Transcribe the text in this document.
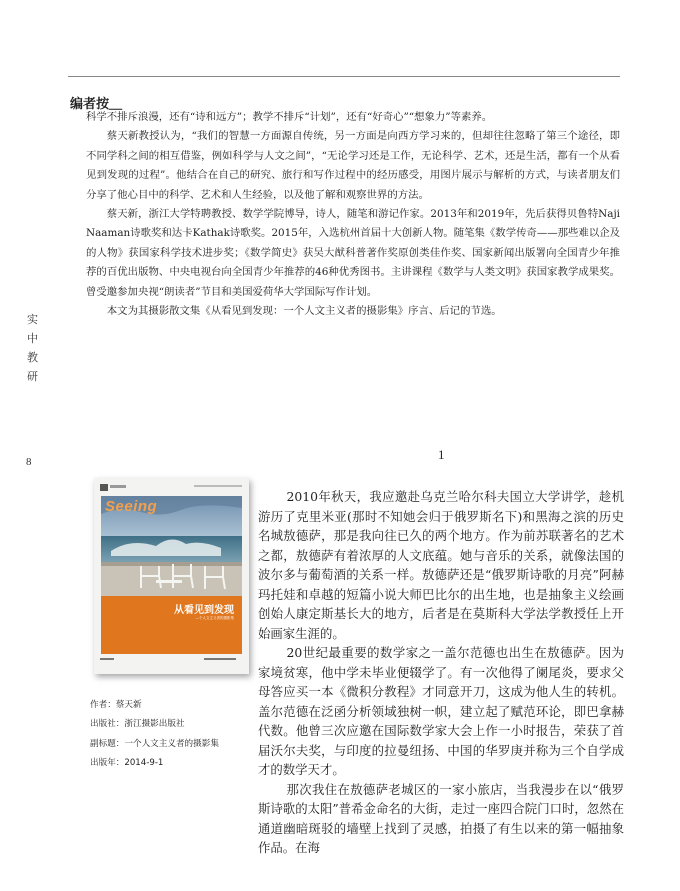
编者按＿

科学不排斥浪漫，还有“诗和远方”；教学不排斥“计划”，还有“好奇心”“想象力”等素养。

蔡天新教授认为，“我们的智慧一方面源自传统，另一方面是向西方学习来的，但却往往忽略了第三个途径，即不同学科之间的相互借鉴，例如科学与人文之间”，“无论学习还是工作，无论科学、艺术，还是生活，都有一个从看见到发现的过程”。他结合在自己的研究、旅行和写作过程中的经历感受，用图片展示与解析的方式，与读者朋友们分享了他心目中的科学、艺术和人生经验，以及他了解和观察世界的方法。

蔡天新，浙江大学特聘教授、数学学院博导，诗人，随笔和游记作家。2013年和2019年，先后获得贝鲁特Naji Naaman诗歌奖和达卡Kathak诗歌奖。2015年，入选杭州首届十大创新人物。随笔集《数学传奇——那些难以企及的人物》获国家科学技术进步奖；《数学简史》获吴大猷科普著作奖原创类佳作奖、国家新闻出版署向全国青少年推荐的百优出版物、中央电视台向全国青少年推荐的46种优秀图书。主讲课程《数学与人类文明》获国家教学成果奖。曾受邀参加央视“朗读者”节目和美国爱荷华大学国际写作计划。

本文为其摄影散文集《从看见到发现：一个人文主义者的摄影集》序言、后记的节选。

实
中
教
研
8	1
Seeing
从看见到发现
—个人文主义者的摄影集
作者：蔡天新
出版社：浙江摄影出版社
副标题：一个人文主义者的摄影集
出版年：2014-9-1

2010年秋天，我应邀赴乌克兰哈尔科夫国立大学讲学，趁机游历了克里米亚(那时不知她会归于俄罗斯名下)和黑海之滨的历史名城敖德萨，那是我向往已久的两个地方。作为前苏联著名的艺术之都，敖德萨有着浓厚的人文底蕴。她与音乐的关系，就像法国的波尔多与葡萄酒的关系一样。敖德萨还是“俄罗斯诗歌的月亮”阿赫玛托娃和卓越的短篇小说大师巴比尔的出生地，也是抽象主义绘画创始人康定斯基长大的地方，后者是在莫斯科大学法学教授任上开始画家生涯的。

20世纪最重要的数学家之一盖尔范德也出生在敖德萨。因为家境贫寒，他中学未毕业便辍学了。有一次他得了阑尾炎，要求父母答应买一本《微积分教程》才同意开刀，这成为他人生的转机。盖尔范德在泛函分析领域独树一帜，建立起了赋范环论，即巴拿赫代数。他曾三次应邀在国际数学家大会上作一小时报告，荣获了首届沃尔夫奖，与印度的拉曼纽扬、中国的华罗庚并称为三个自学成才的数学天才。

那次我住在敖德萨老城区的一家小旅店，当我漫步在以“俄罗斯诗歌的太阳”普希金命名的大街，走过一座四合院门口时，忽然在通道幽暗斑驳的墙壁上找到了灵感，拍摄了有生以来的第一幅抽象作品。在海
